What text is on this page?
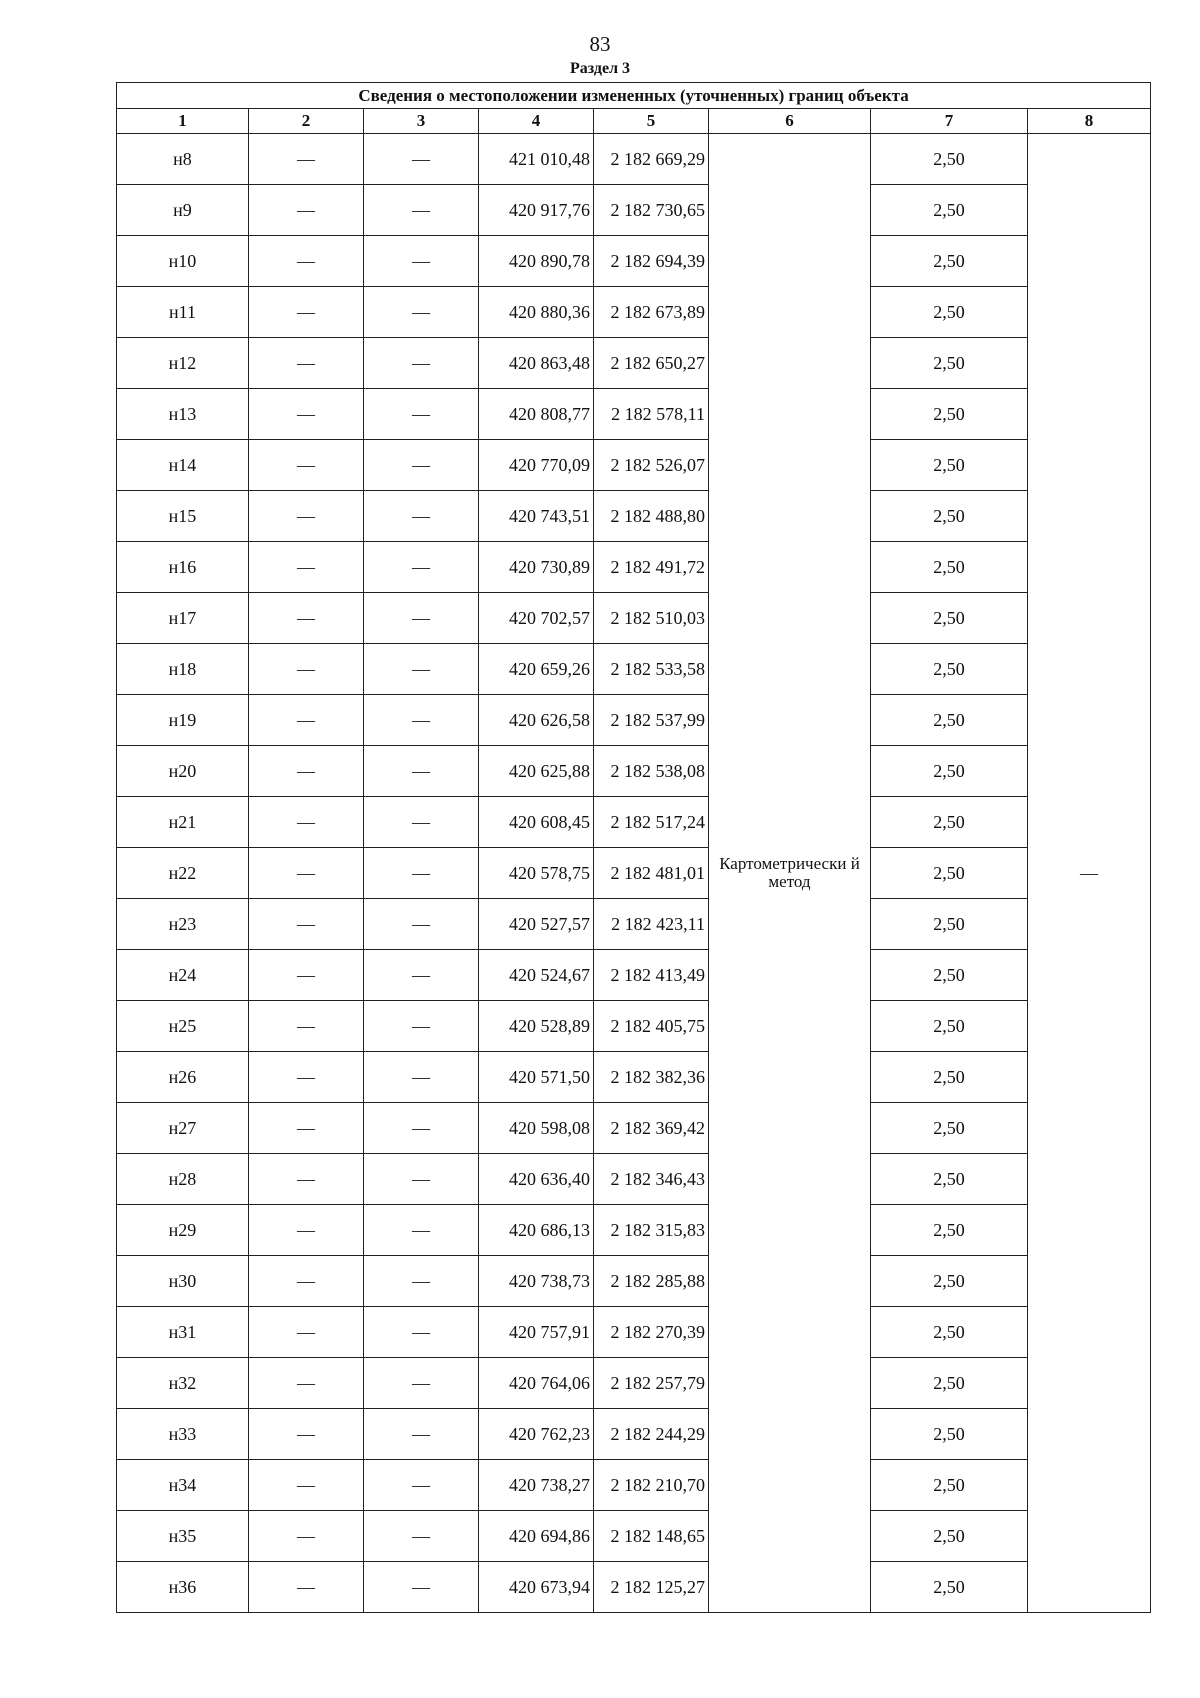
83
Раздел 3
Сведения о местоположении измененных (уточненных) границ объекта							
1	2	3	4	5	6	7	8
н8	—	—	421 010,48	2 182 669,29	Картометрически й метод	2,50	—
н9	—	—	420 917,76	2 182 730,65		2,50	
н10	—	—	420 890,78	2 182 694,39		2,50	
н11	—	—	420 880,36	2 182 673,89		2,50	
н12	—	—	420 863,48	2 182 650,27		2,50	
н13	—	—	420 808,77	2 182 578,11		2,50	
н14	—	—	420 770,09	2 182 526,07		2,50	
н15	—	—	420 743,51	2 182 488,80		2,50	
н16	—	—	420 730,89	2 182 491,72		2,50	
н17	—	—	420 702,57	2 182 510,03		2,50	
н18	—	—	420 659,26	2 182 533,58		2,50	
н19	—	—	420 626,58	2 182 537,99		2,50	
н20	—	—	420 625,88	2 182 538,08		2,50	
н21	—	—	420 608,45	2 182 517,24		2,50	
н22	—	—	420 578,75	2 182 481,01		2,50	
н23	—	—	420 527,57	2 182 423,11		2,50	
н24	—	—	420 524,67	2 182 413,49		2,50	
н25	—	—	420 528,89	2 182 405,75		2,50	
н26	—	—	420 571,50	2 182 382,36		2,50	
н27	—	—	420 598,08	2 182 369,42		2,50	
н28	—	—	420 636,40	2 182 346,43		2,50	
н29	—	—	420 686,13	2 182 315,83		2,50	
н30	—	—	420 738,73	2 182 285,88		2,50	
н31	—	—	420 757,91	2 182 270,39		2,50	
н32	—	—	420 764,06	2 182 257,79		2,50	
н33	—	—	420 762,23	2 182 244,29		2,50	
н34	—	—	420 738,27	2 182 210,70		2,50	
н35	—	—	420 694,86	2 182 148,65		2,50	
н36	—	—	420 673,94	2 182 125,27		2,50	
